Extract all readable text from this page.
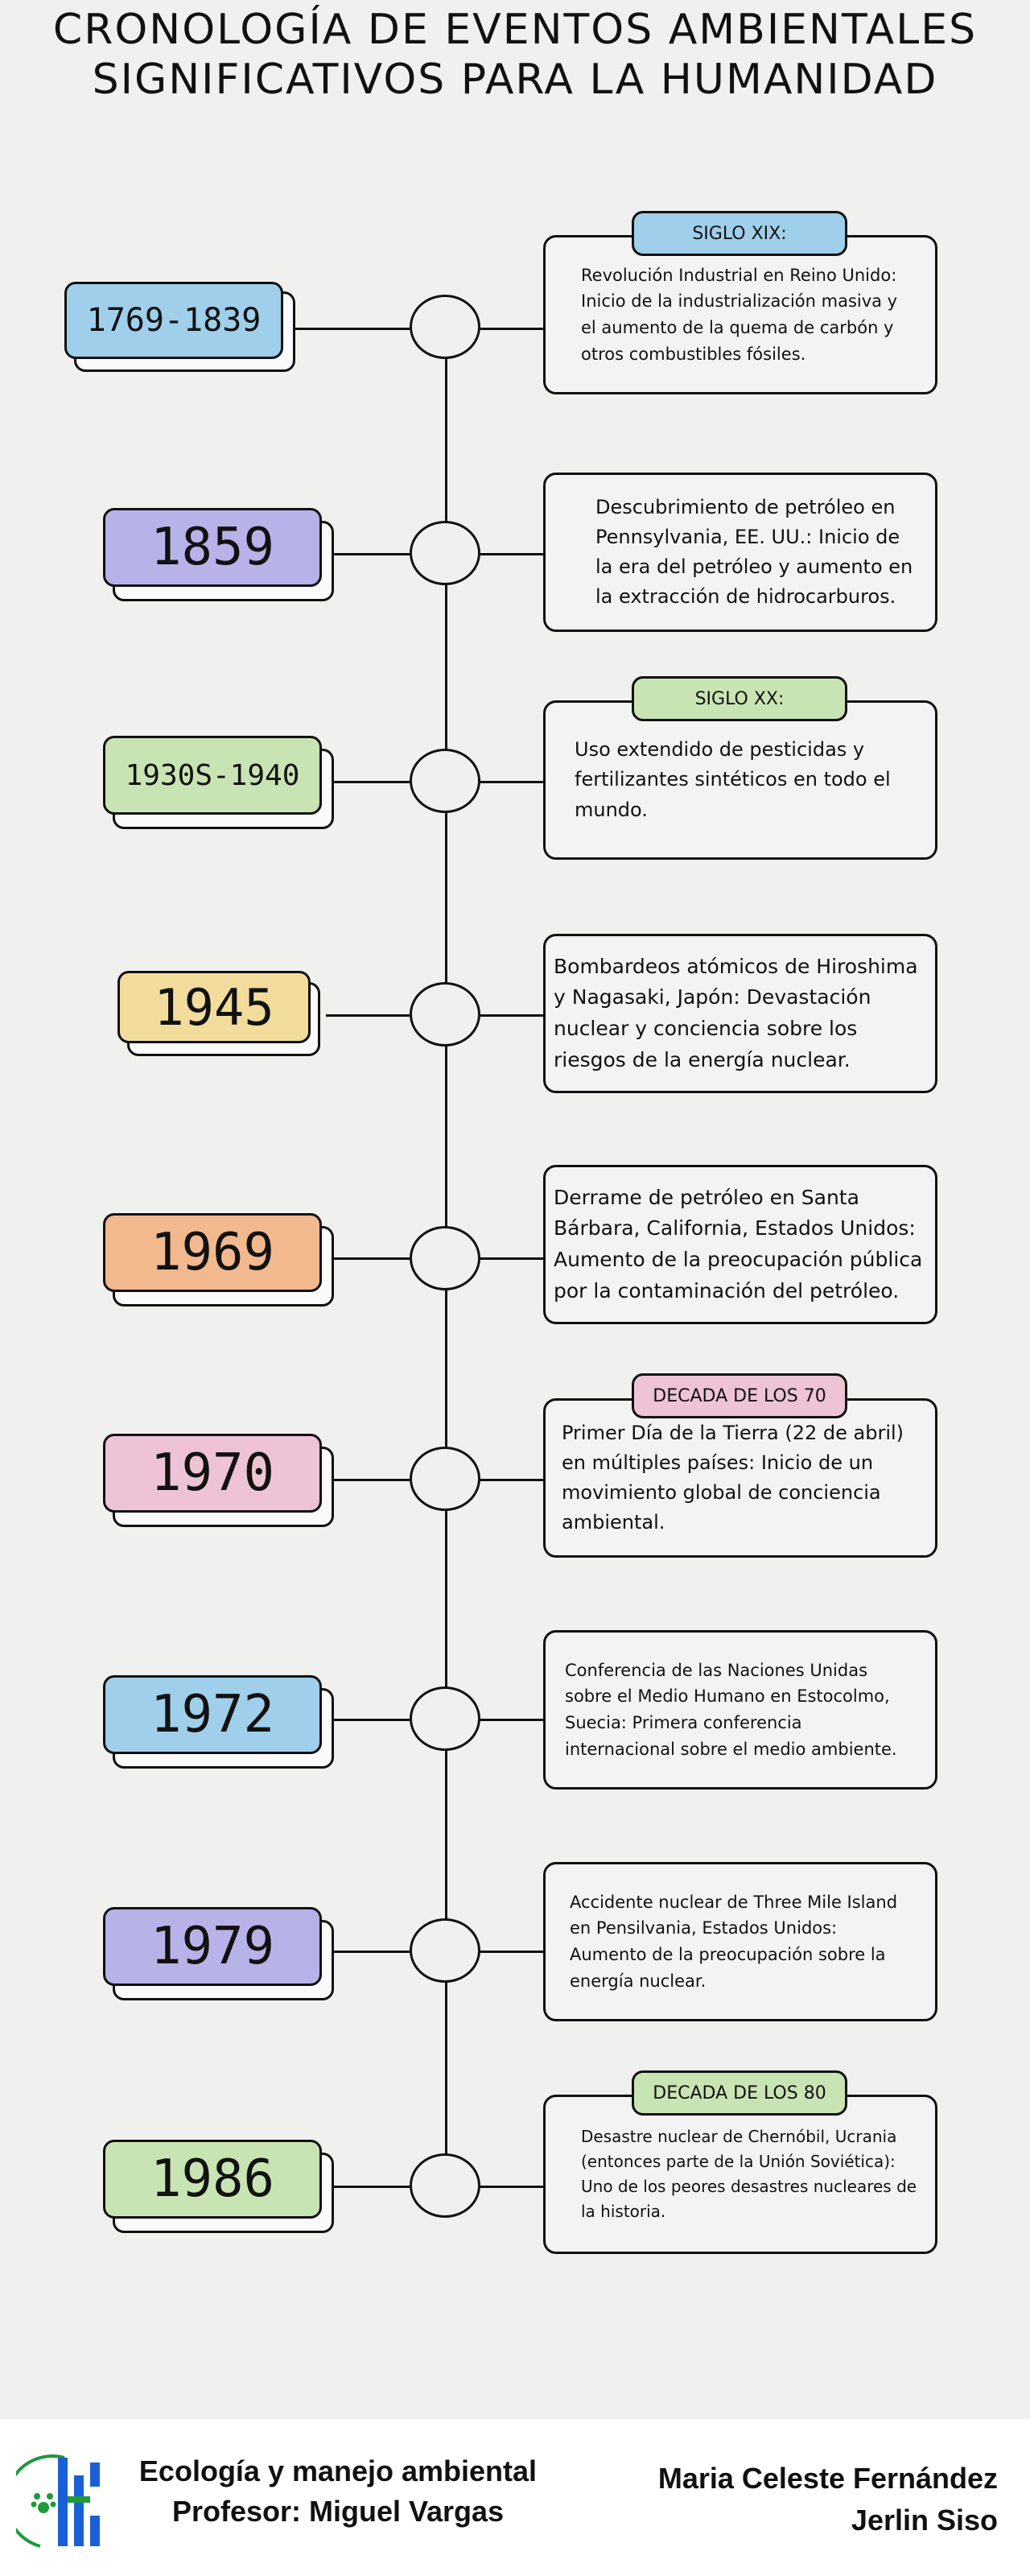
CRONOLOGÍA DE EVENTOS AMBIENTALES SIGNIFICATIVOS PARA LA HUMANIDAD
1769-1839

Revolución Industrial en Reino Unido: Inicio de la industrialización masiva y el aumento de la quema de carbón y otros combustibles fósiles.

SIGLO XIX:
1859

Descubrimiento de petróleo en Pennsylvania, EE. UU.: Inicio de la era del petróleo y aumento en la extracción de hidrocarburos.

1930S-1940

Uso extendido de pesticidas y fertilizantes sintéticos en todo el mundo.

SIGLO XX:
1945

Bombardeos atómicos de Hiroshima y Nagasaki, Japón: Devastación nuclear y conciencia sobre los riesgos de la energía nuclear.

1969

Derrame de petróleo en Santa Bárbara, California, Estados Unidos: Aumento de la preocupación pública por la contaminación del petróleo.

1970

Primer Día de la Tierra (22 de abril) en múltiples países: Inicio de un movimiento global de conciencia ambiental.

DECADA DE LOS 70
1972

Conferencia de las Naciones Unidas sobre el Medio Humano en Estocolmo, Suecia: Primera conferencia internacional sobre el medio ambiente.

1979

Accidente nuclear de Three Mile Island en Pensilvania, Estados Unidos: Aumento de la preocupación sobre la energía nuclear.

1986

Desastre nuclear de Chernóbil, Ucrania (entonces parte de la Unión Soviética): Uno de los peores desastres nucleares de la historia.

DECADA DE LOS 80
Ecología y manejo ambiental
Profesor: Miguel Vargas
Maria Celeste Fernández
Jerlin Siso
